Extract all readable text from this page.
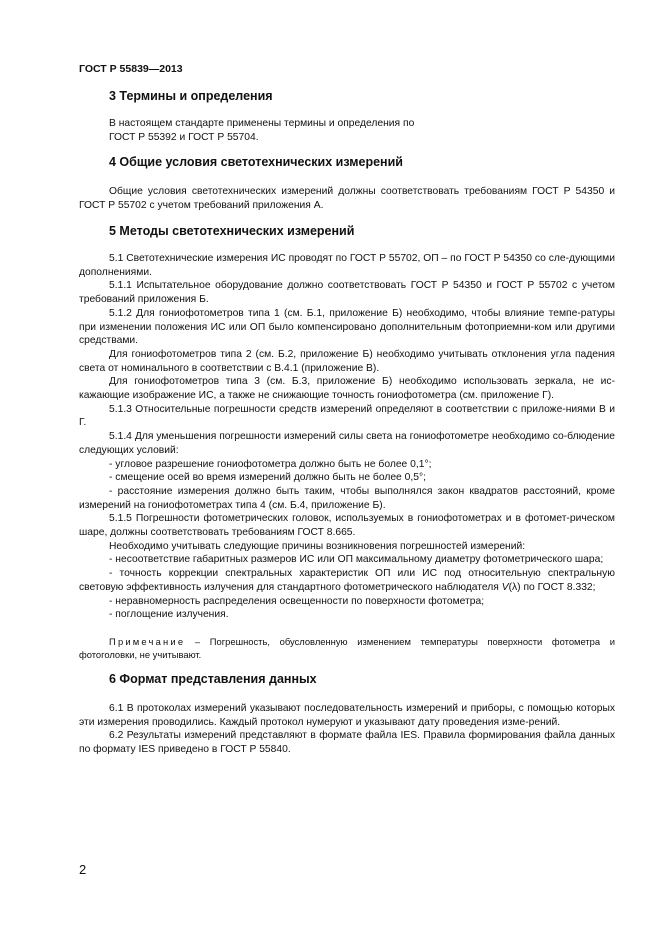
ГОСТ Р 55839—2013
3 Термины и определения

В настоящем стандарте применены термины и определения по

ГОСТ Р 55392 и ГОСТ Р 55704.

4 Общие условия светотехнических измерений

Общие условия светотехнических измерений должны соответствовать требованиям ГОСТ Р 54350 и ГОСТ Р 55702 с учетом требований приложения А.

5 Методы светотехнических измерений

5.1 Светотехнические измерения ИС проводят по ГОСТ Р 55702, ОП – по ГОСТ Р 54350 со сле-дующими дополнениями.

5.1.1 Испытательное оборудование должно соответствовать ГОСТ Р 54350 и ГОСТ Р 55702 с учетом требований приложения Б.

5.1.2 Для гониофотометров типа 1 (см. Б.1, приложение Б) необходимо, чтобы влияние темпе-ратуры при изменении положения ИС или ОП было компенсировано дополнительным фотоприемни-ком или другими средствами.

Для гониофотометров типа 2 (см. Б.2, приложение Б) необходимо учитывать отклонения угла падения света от номинального в соответствии с В.4.1 (приложение В).

Для гониофотометров типа 3 (см. Б.3, приложение Б) необходимо использовать зеркала, не ис-кажающие изображение ИС, а также не снижающие точность гониофотометра (см. приложение Г).

5.1.3 Относительные погрешности средств измерений определяют в соответствии с приложе-ниями В и Г.

5.1.4 Для уменьшения погрешности измерений силы света на гониофотометре необходимо со-блюдение следующих условий:

- угловое разрешение гониофотометра должно быть не более 0,1°;

- смещение осей во время измерений должно быть не более 0,5°;

- расстояние измерения должно быть таким, чтобы выполнялся закон квадратов расстояний, кроме измерений на гониофотометрах типа 4 (см. Б.4, приложение Б).

5.1.5 Погрешности фотометрических головок, используемых в гониофотометрах и в фотомет-рическом шаре, должны соответствовать требованиям ГОСТ 8.665.

Необходимо учитывать следующие причины возникновения погрешностей измерений:

- несоответствие габаритных размеров ИС или ОП максимальному диаметру фотометрического шара;

- точность коррекции спектральных характеристик ОП или ИС под относительную спектральную световую эффективность излучения для стандартного фотометрического наблюдателя V(λ) по ГОСТ 8.332;

- неравномерность распределения освещенности по поверхности фотометра;

- поглощение излучения.

Примечание – Погрешность, обусловленную изменением температуры поверхности фотометра и фотоголовки, не учитывают.

6 Формат представления данных

6.1 В протоколах измерений указывают последовательность измерений и приборы, с помощью которых эти измерения проводились. Каждый протокол нумеруют и указывают дату проведения изме-рений.

6.2 Результаты измерений представляют в формате файла IES. Правила формирования файла данных по формату IES приведено в ГОСТ Р 55840.

2
